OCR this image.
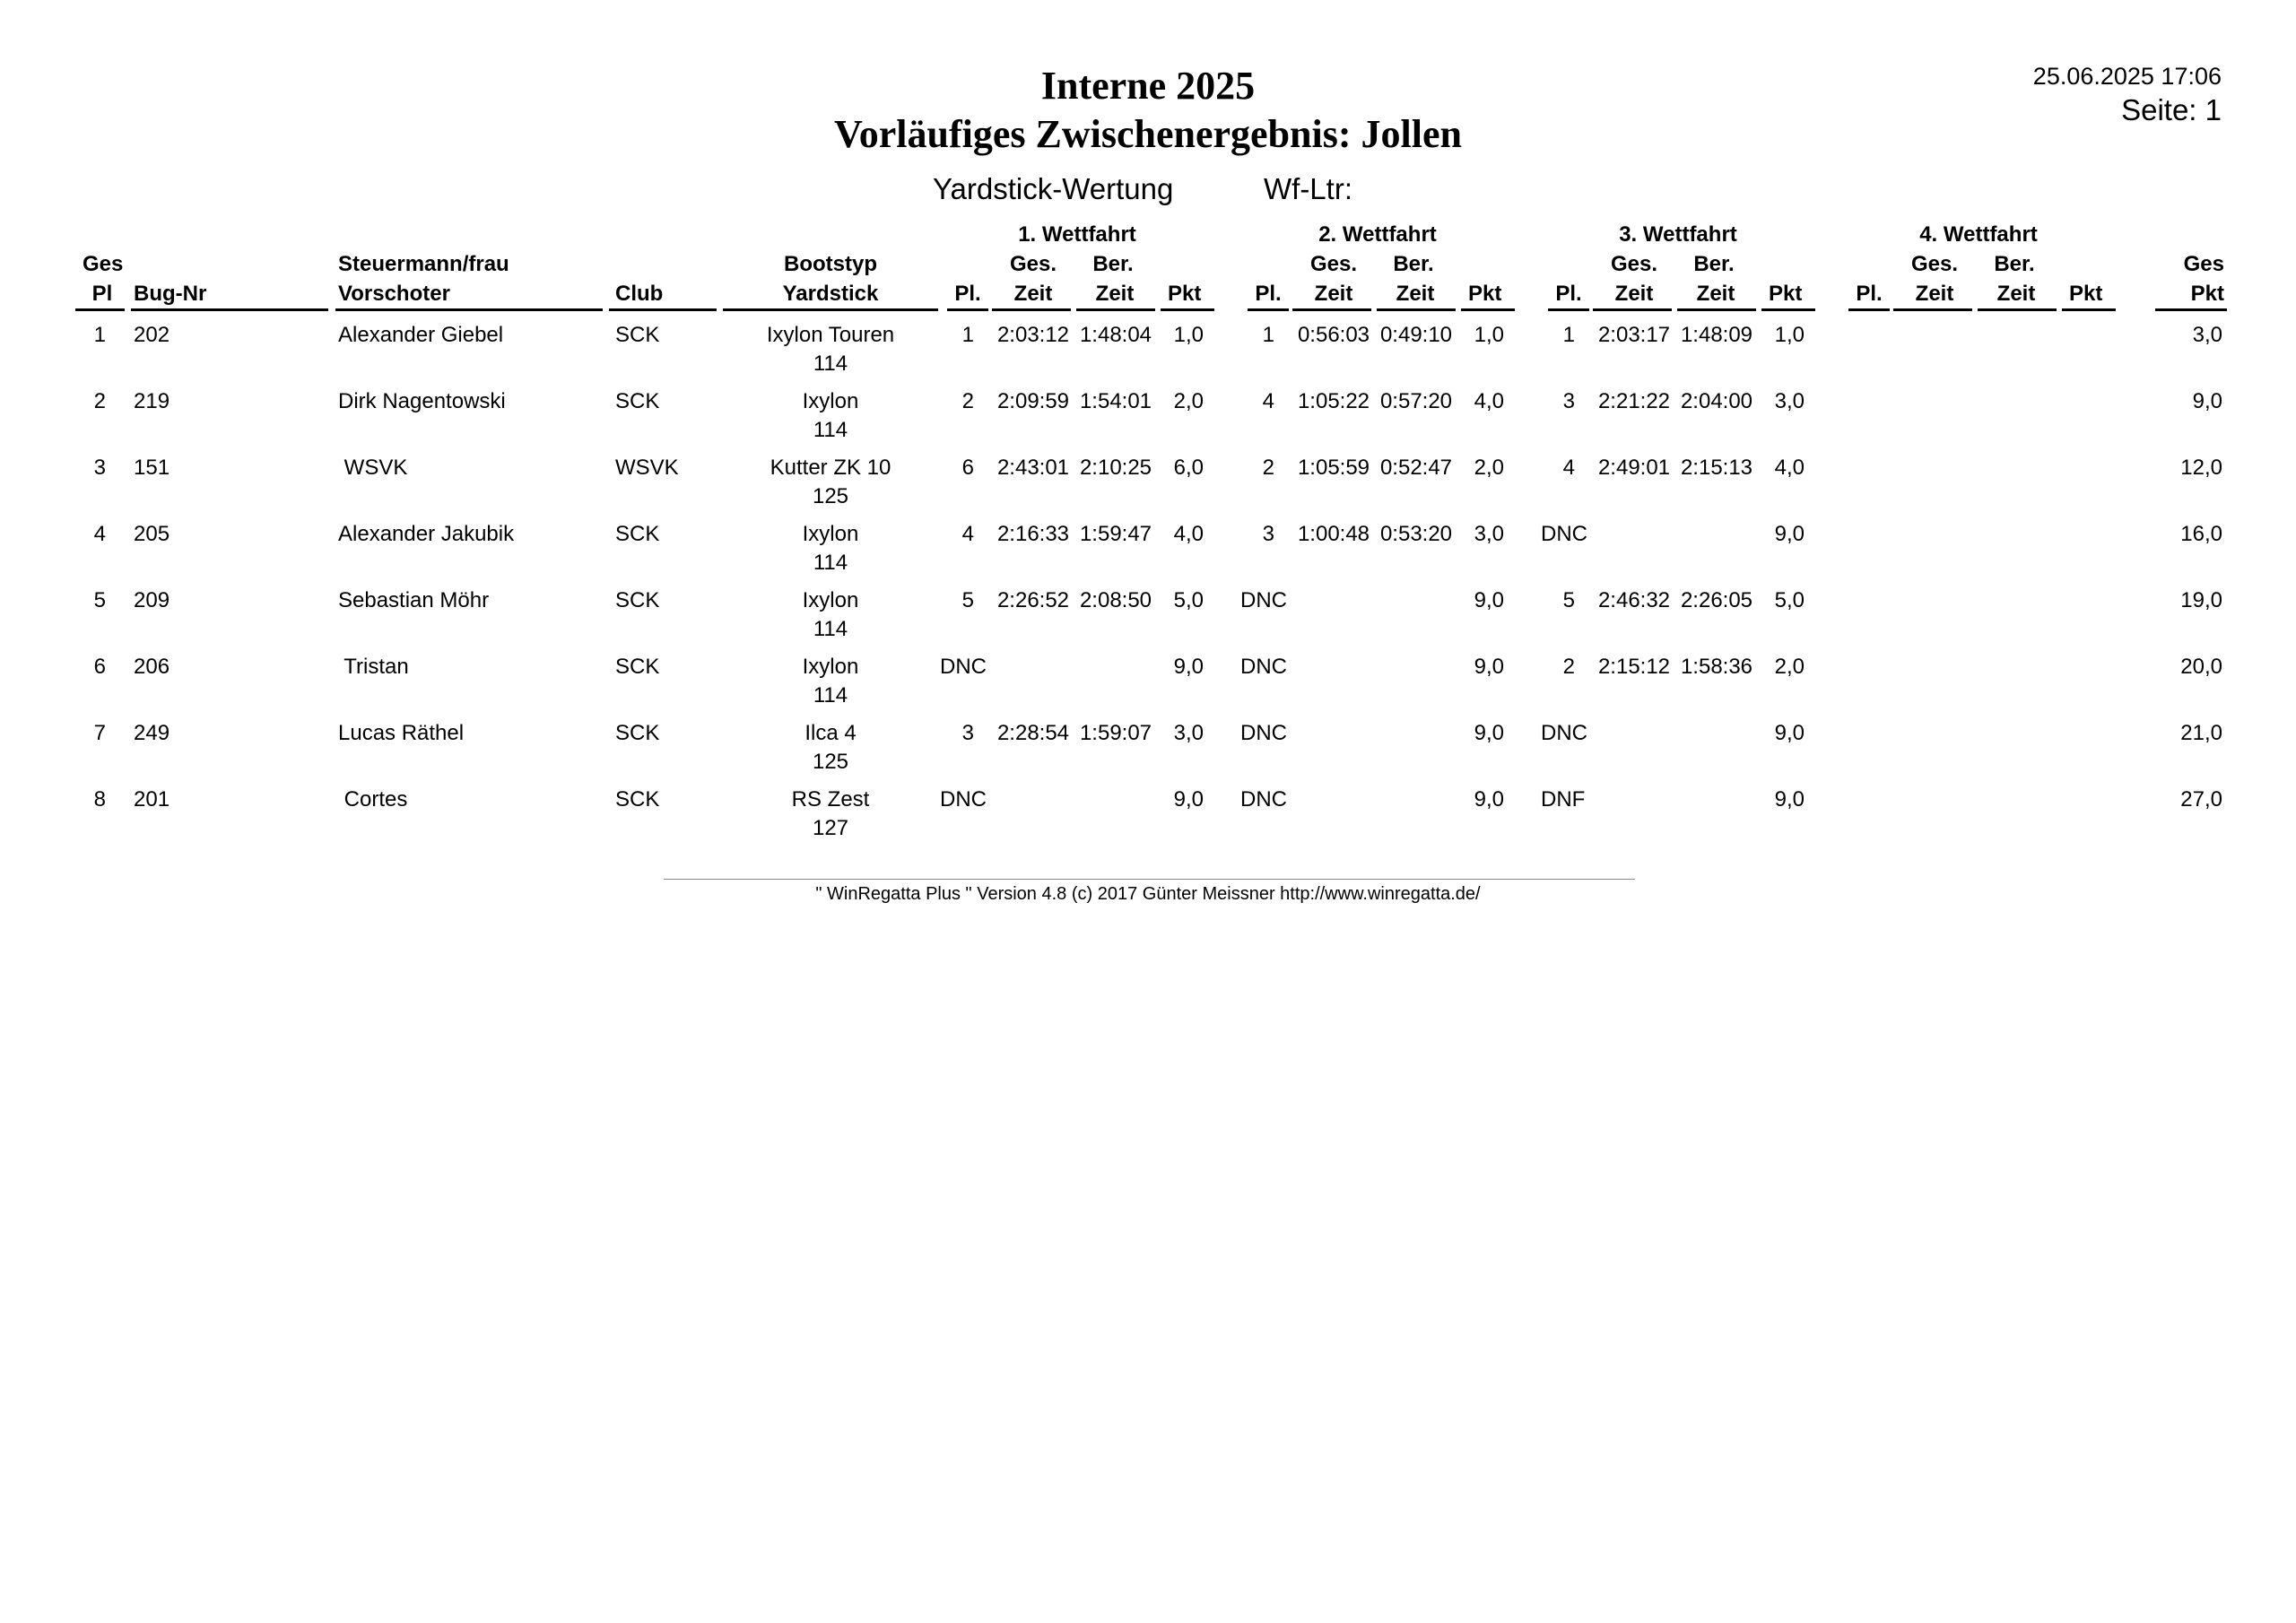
Interne 2025
Vorläufiges Zwischenergebnis: Jollen
Yardstick-Wertung	Wf-Ltr:
25.06.2025 17:06
Seite: 1
Ges
Pl Bug-Nr
Steuermann/frau
Vorschoter	Club
Bootstyp
Yardstick
1. Wettfahrt
Ges.	Ber.
Pl.	Zeit	Zeit	Pkt
2. Wettfahrt
Ges.	Ber.
Pl.	Zeit	Zeit	Pkt
3. Wettfahrt
Ges.	Ber.
Pl.	Zeit	Zeit	Pkt
4. Wettfahrt
Ges.	Ber.
Pl.	Zeit	Zeit	Pkt
Ges
Pkt
1 202	Alexander Giebel	SCK	Ixylon Touren
114
1 2:03:12 1:48:04	1,0	1 0:56:03 0:49:10	1,0	1 2:03:17 1:48:09	1,0	3,0
2 219	Dirk Nagentowski	SCK	Ixylon
114
2 2:09:59 1:54:01	2,0	4 1:05:22 0:57:20	4,0	3 2:21:22 2:04:00	3,0	9,0
3 151	WSVK	WSVK	Kutter ZK 10
125
6 2:43:01 2:10:25	6,0	2 1:05:59 0:52:47	2,0	4 2:49:01 2:15:13	4,0	12,0
4 205	Alexander Jakubik	SCK	Ixylon
114
4 2:16:33 1:59:47	4,0	3 1:00:48 0:53:20	3,0 DNC	9,0	16,0
5 209	Sebastian Möhr	SCK	Ixylon
114
5 2:26:52 2:08:50	5,0 DNC	9,0	5 2:46:32 2:26:05	5,0	19,0
6 206	Tristan	SCK	Ixylon
114
DNC	9,0 DNC	9,0	2 2:15:12 1:58:36	2,0	20,0
7 249	Lucas Räthel	SCK	Ilca 4
125
3 2:28:54 1:59:07	3,0 DNC	9,0 DNC	9,0	21,0
8 201	Cortes	SCK	RS Zest
127
DNC	9,0 DNC	9,0 DNF	9,0	27,0
" WinRegatta Plus " Version 4.8 (c) 2017 Günter Meissner http://www.winregatta.de/
